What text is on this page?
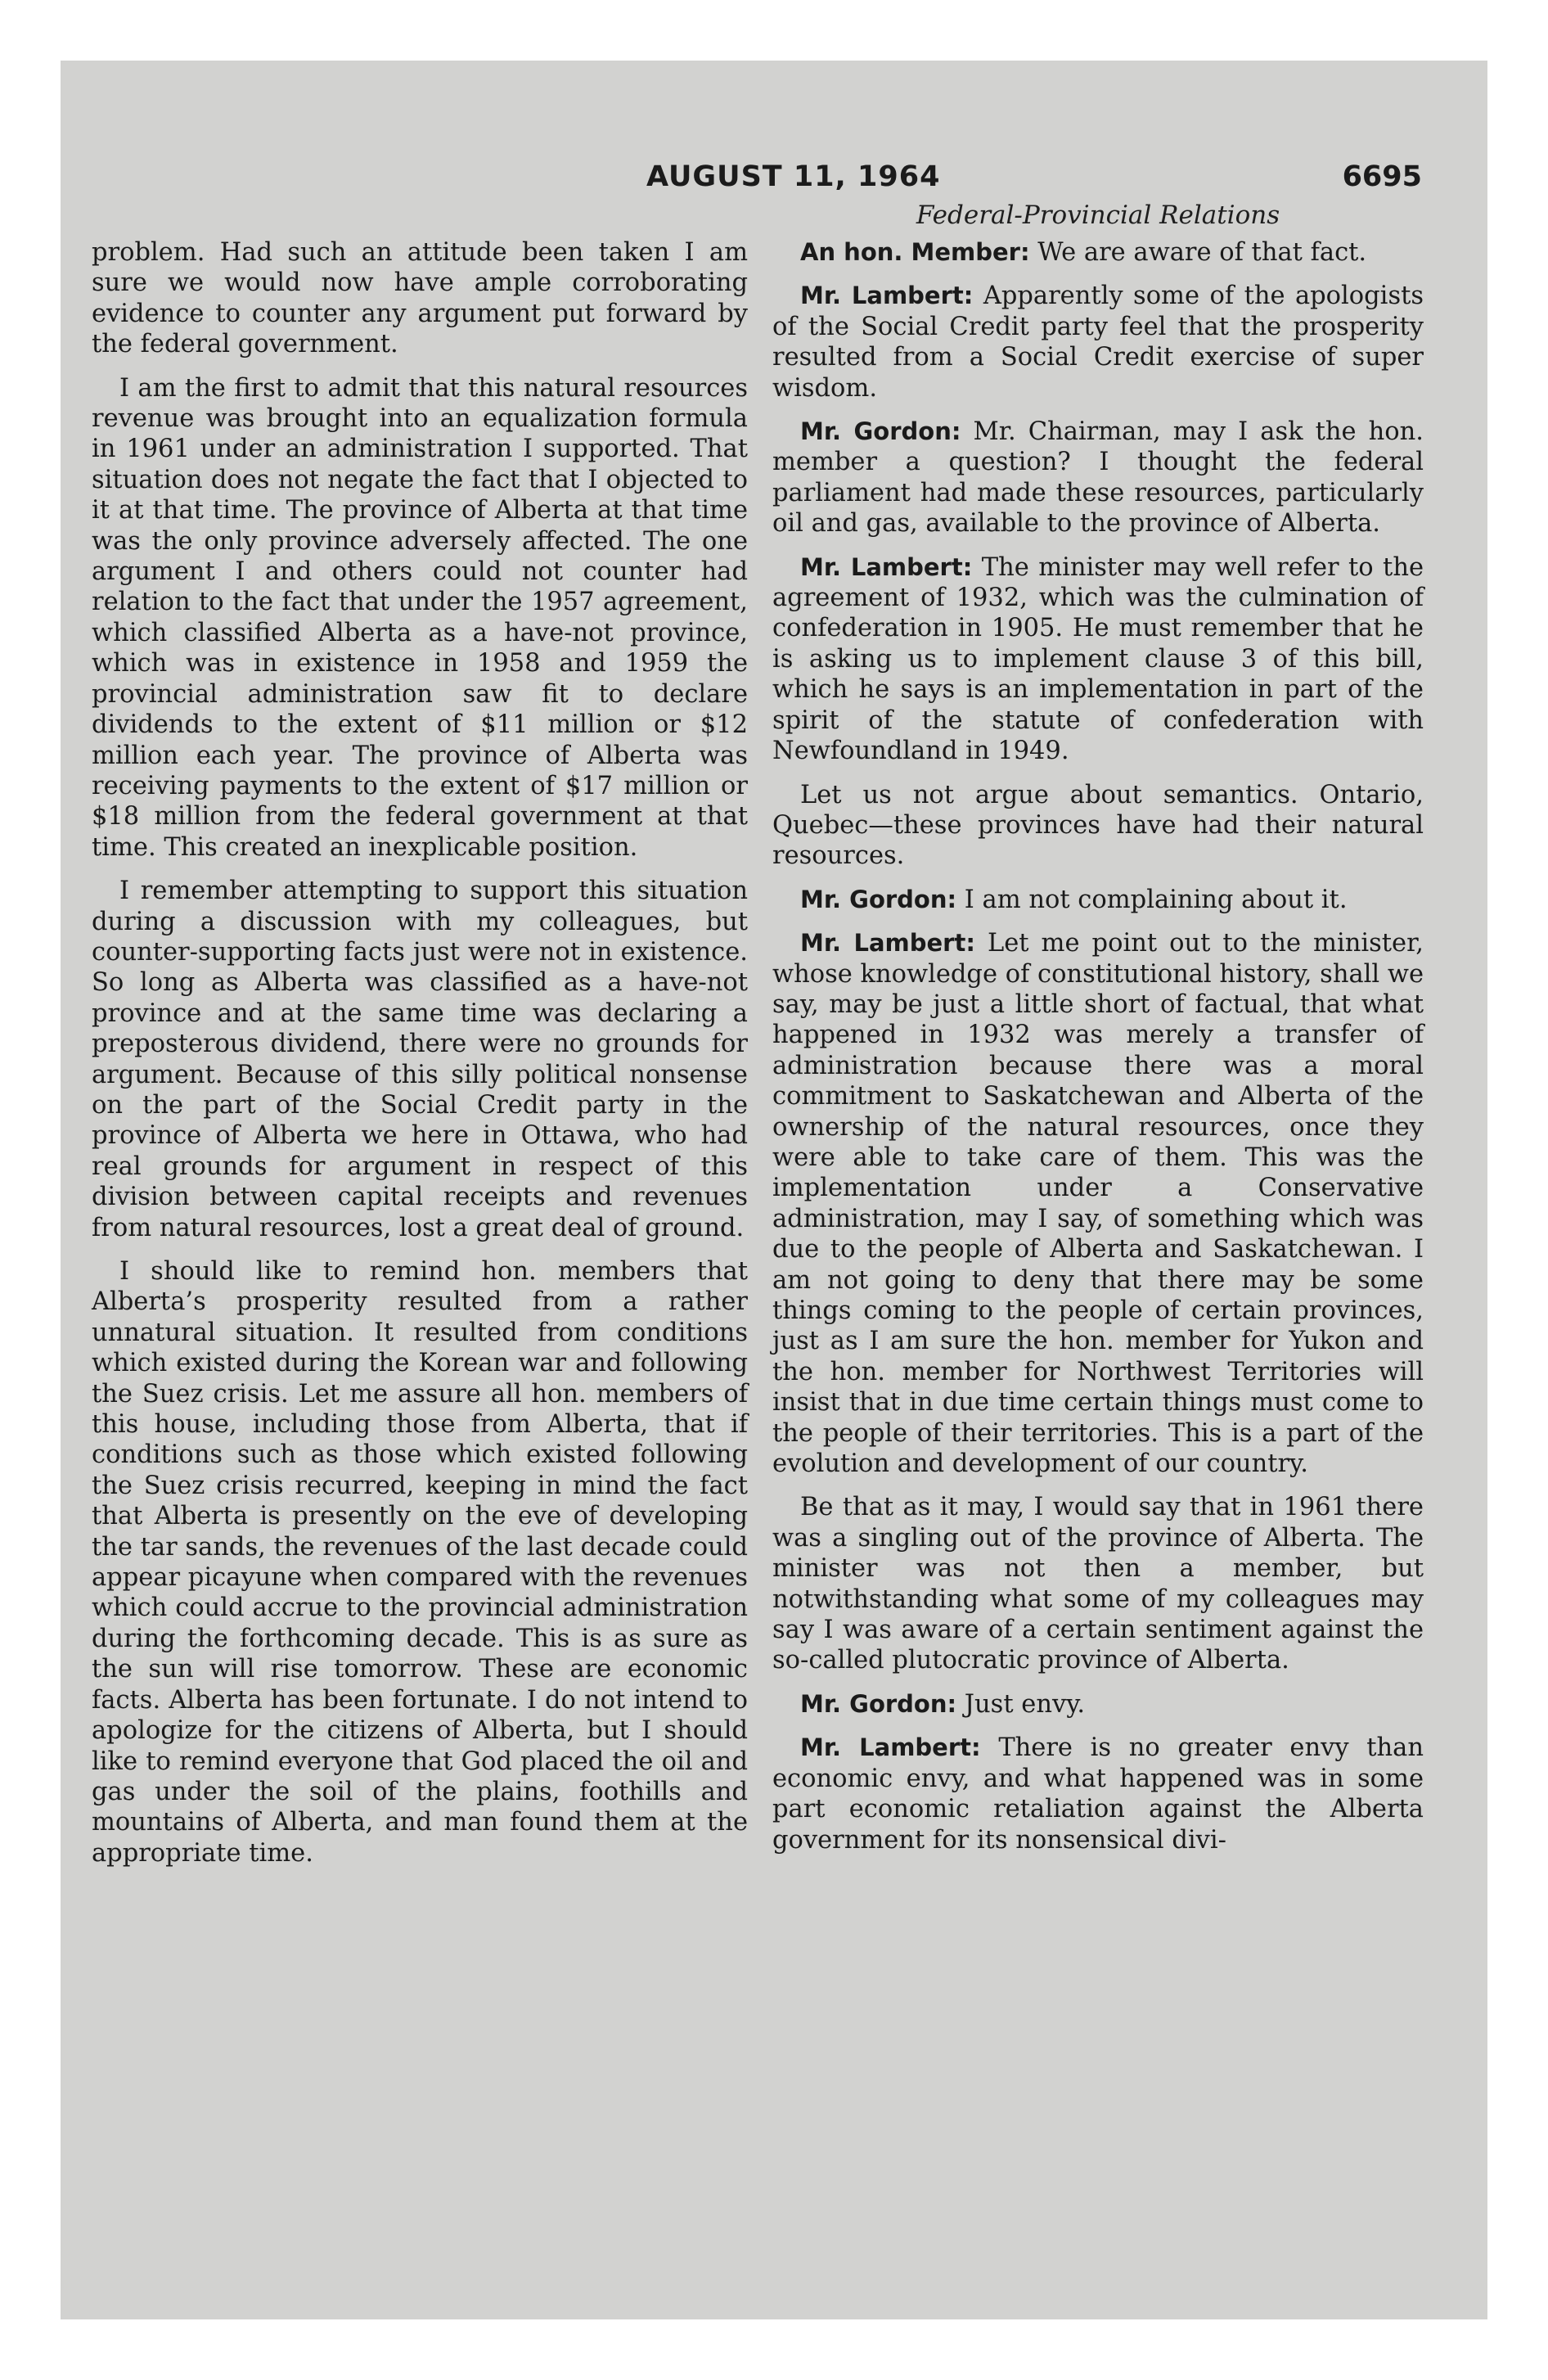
AUGUST 11, 1964	6695
Federal-Provincial Relations

problem. Had such an attitude been taken I am sure we would now have ample corroborating evidence to counter any argument put forward by the federal government.

I am the first to admit that this natural resources revenue was brought into an equalization formula in 1961 under an administration I supported. That situation does not negate the fact that I objected to it at that time. The province of Alberta at that time was the only province adversely affected. The one argument I and others could not counter had relation to the fact that under the 1957 agreement, which classified Alberta as a have-not province, which was in existence in 1958 and 1959 the provincial administration saw fit to declare dividends to the extent of $11 million or $12 million each year. The province of Alberta was receiving payments to the extent of $17 million or $18 million from the federal government at that time. This created an inexplicable position.

I remember attempting to support this situation during a discussion with my colleagues, but counter-supporting facts just were not in existence. So long as Alberta was classified as a have-not province and at the same time was declaring a preposterous dividend, there were no grounds for argument. Because of this silly political nonsense on the part of the Social Credit party in the province of Alberta we here in Ottawa, who had real grounds for argument in respect of this division between capital receipts and revenues from natural resources, lost a great deal of ground.

I should like to remind hon. members that Alberta’s prosperity resulted from a rather unnatural situation. It resulted from conditions which existed during the Korean war and following the Suez crisis. Let me assure all hon. members of this house, including those from Alberta, that if conditions such as those which existed following the Suez crisis recurred, keeping in mind the fact that Alberta is presently on the eve of developing the tar sands, the revenues of the last decade could appear picayune when compared with the revenues which could accrue to the provincial administration during the forthcoming decade. This is as sure as the sun will rise tomorrow. These are economic facts. Alberta has been fortunate. I do not intend to apologize for the citizens of Alberta, but I should like to remind everyone that God placed the oil and gas under the soil of the plains, foothills and mountains of Alberta, and man found them at the appropriate time.

An hon. Member: We are aware of that fact.

Mr. Lambert: Apparently some of the apologists of the Social Credit party feel that the prosperity resulted from a Social Credit exercise of super wisdom.

Mr. Gordon: Mr. Chairman, may I ask the hon. member a question? I thought the federal parliament had made these resources, particularly oil and gas, available to the province of Alberta.

Mr. Lambert: The minister may well refer to the agreement of 1932, which was the culmination of confederation in 1905. He must remember that he is asking us to implement clause 3 of this bill, which he says is an implementation in part of the spirit of the statute of confederation with Newfoundland in 1949.

Let us not argue about semantics. Ontario, Quebec—these provinces have had their natural resources.

Mr. Gordon: I am not complaining about it.

Mr. Lambert: Let me point out to the minister, whose knowledge of constitutional history, shall we say, may be just a little short of factual, that what happened in 1932 was merely a transfer of administration because there was a moral commitment to Saskatchewan and Alberta of the ownership of the natural resources, once they were able to take care of them. This was the implementation under a Conservative administration, may I say, of something which was due to the people of Alberta and Saskatchewan. I am not going to deny that there may be some things coming to the people of certain provinces, just as I am sure the hon. member for Yukon and the hon. member for Northwest Territories will insist that in due time certain things must come to the people of their territories. This is a part of the evolution and development of our country.

Be that as it may, I would say that in 1961 there was a singling out of the province of Alberta. The minister was not then a member, but notwithstanding what some of my colleagues may say I was aware of a certain sentiment against the so-called plutocratic province of Alberta.

Mr. Gordon: Just envy.

Mr. Lambert: There is no greater envy than economic envy, and what happened was in some part economic retaliation against the Alberta government for its nonsensical divi-
